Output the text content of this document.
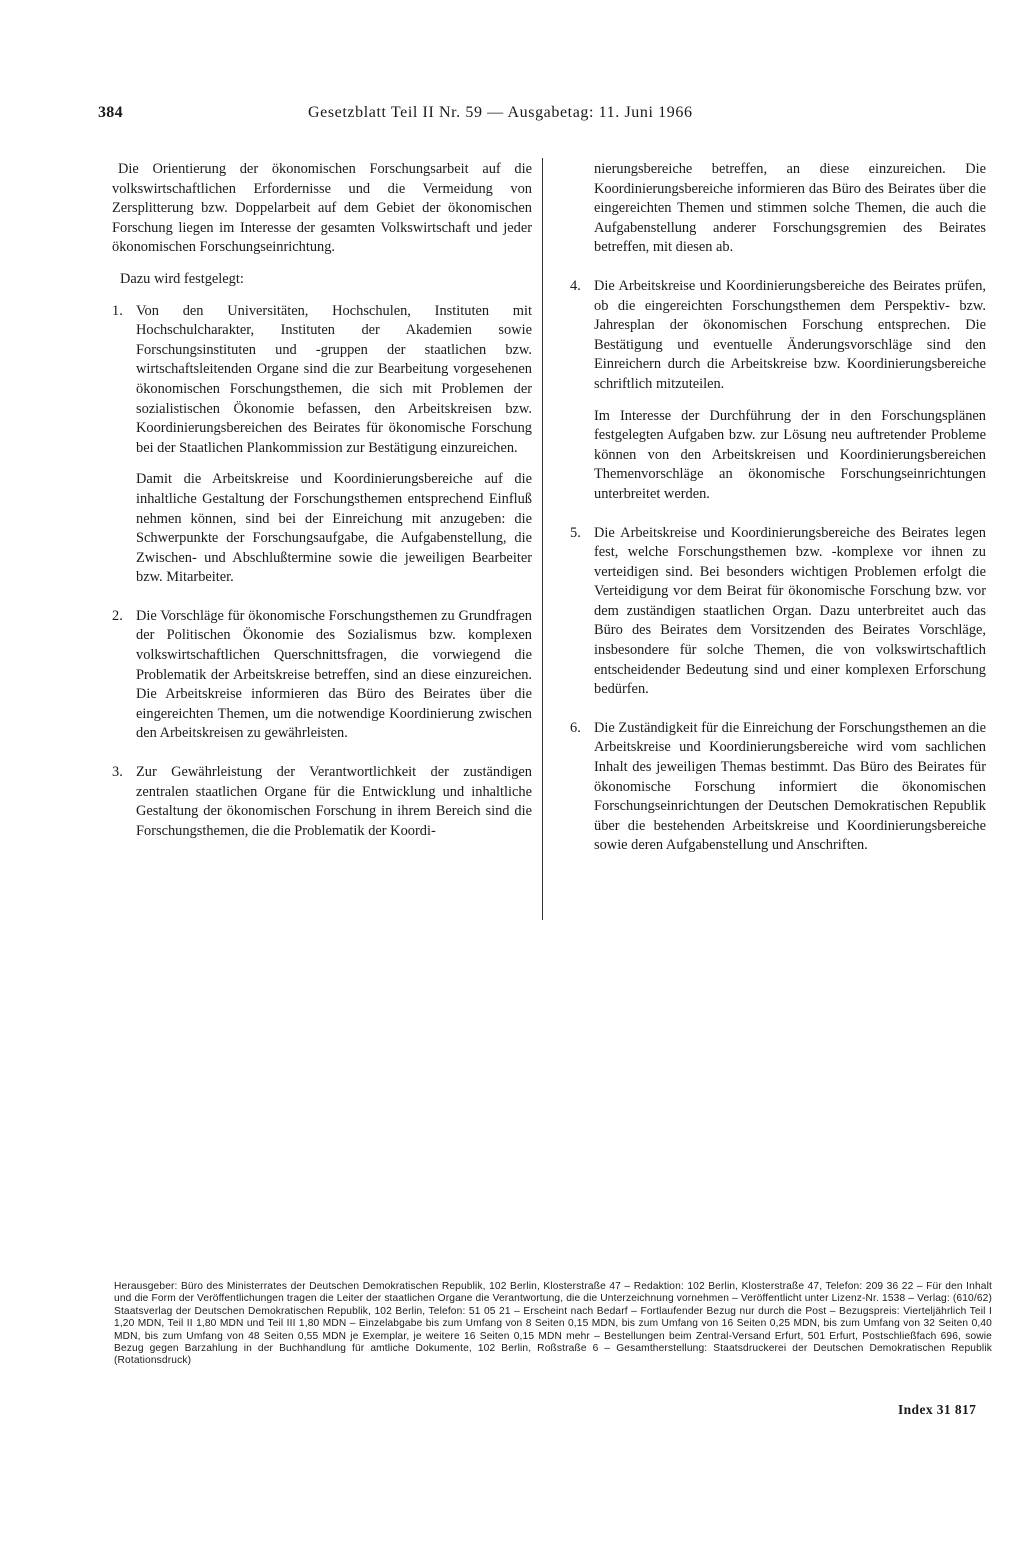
384	Gesetzblatt Teil II Nr. 59 — Ausgabetag: 11. Juni 1966

Die Orientierung der ökonomischen Forschungsarbeit auf die volkswirtschaftlichen Erfordernisse und die Vermeidung von Zersplitterung bzw. Doppelarbeit auf dem Gebiet der ökonomischen Forschung liegen im Interesse der gesamten Volkswirtschaft und jeder ökonomischen Forschungseinrichtung.

Dazu wird festgelegt:

1. Von den Universitäten, Hochschulen, Instituten mit Hochschulcharakter, Instituten der Akademien sowie Forschungsinstituten und -gruppen der staatlichen bzw. wirtschaftsleitenden Organe sind die zur Bearbeitung vorgesehenen ökonomischen Forschungsthemen, die sich mit Problemen der sozialistischen Ökonomie befassen, den Arbeitskreisen bzw. Koordinierungsbereichen des Beirates für ökonomische Forschung bei der Staatlichen Plankommission zur Bestätigung einzureichen.

Damit die Arbeitskreise und Koordinierungsbereiche auf die inhaltliche Gestaltung der Forschungsthemen entsprechend Einfluß nehmen können, sind bei der Einreichung mit anzugeben: die Schwerpunkte der Forschungsaufgabe, die Aufgabenstellung, die Zwischen- und Abschlußtermine sowie die jeweiligen Bearbeiter bzw. Mitarbeiter.

2. Die Vorschläge für ökonomische Forschungsthemen zu Grundfragen der Politischen Ökonomie des Sozialismus bzw. komplexen volkswirtschaftlichen Querschnittsfragen, die vorwiegend die Problematik der Arbeitskreise betreffen, sind an diese einzureichen. Die Arbeitskreise informieren das Büro des Beirates über die eingereichten Themen, um die notwendige Koordinierung zwischen den Arbeitskreisen zu gewährleisten.

3. Zur Gewährleistung der Verantwortlichkeit der zuständigen zentralen staatlichen Organe für die Entwicklung und inhaltliche Gestaltung der ökonomischen Forschung in ihrem Bereich sind die Forschungsthemen, die die Problematik der Koordi-

nierungsbereiche betreffen, an diese einzureichen. Die Koordinierungsbereiche informieren das Büro des Beirates über die eingereichten Themen und stimmen solche Themen, die auch die Aufgabenstellung anderer Forschungsgremien des Beirates betreffen, mit diesen ab.

4. Die Arbeitskreise und Koordinierungsbereiche des Beirates prüfen, ob die eingereichten Forschungsthemen dem Perspektiv- bzw. Jahresplan der ökonomischen Forschung entsprechen. Die Bestätigung und eventuelle Änderungsvorschläge sind den Einreichern durch die Arbeitskreise bzw. Koordinierungsbereiche schriftlich mitzuteilen.

Im Interesse der Durchführung der in den Forschungsplänen festgelegten Aufgaben bzw. zur Lösung neu auftretender Probleme können von den Arbeitskreisen und Koordinierungsbereichen Themenvorschläge an ökonomische Forschungseinrichtungen unterbreitet werden.

5. Die Arbeitskreise und Koordinierungsbereiche des Beirates legen fest, welche Forschungsthemen bzw. -komplexe vor ihnen zu verteidigen sind. Bei besonders wichtigen Problemen erfolgt die Verteidigung vor dem Beirat für ökonomische Forschung bzw. vor dem zuständigen staatlichen Organ. Dazu unterbreitet auch das Büro des Beirates dem Vorsitzenden des Beirates Vorschläge, insbesondere für solche Themen, die von volkswirtschaftlich entscheidender Bedeutung sind und einer komplexen Erforschung bedürfen.

6. Die Zuständigkeit für die Einreichung der Forschungsthemen an die Arbeitskreise und Koordinierungsbereiche wird vom sachlichen Inhalt des jeweiligen Themas bestimmt. Das Büro des Beirates für ökonomische Forschung informiert die ökonomischen Forschungseinrichtungen der Deutschen Demokratischen Republik über die bestehenden Arbeitskreise und Koordinierungsbereiche sowie deren Aufgabenstellung und Anschriften.

Herausgeber: Büro des Ministerrates der Deutschen Demokratischen Republik, 102 Berlin, Klosterstraße 47 – Redaktion: 102 Berlin, Klosterstraße 47, Telefon: 209 36 22 – Für den Inhalt und die Form der Veröffentlichungen tragen die Leiter der staatlichen Organe die Verantwortung, die die Unterzeichnung vornehmen – Veröffentlicht unter Lizenz-Nr. 1538 – Verlag: (610/62) Staatsverlag der Deutschen Demokratischen Republik, 102 Berlin, Telefon: 51 05 21 – Erscheint nach Bedarf – Fortlaufender Bezug nur durch die Post – Bezugspreis: Vierteljährlich Teil I 1,20 MDN, Teil II 1,80 MDN und Teil III 1,80 MDN – Einzelabgabe bis zum Umfang von 8 Seiten 0,15 MDN, bis zum Umfang von 16 Seiten 0,25 MDN, bis zum Umfang von 32 Seiten 0,40 MDN, bis zum Umfang von 48 Seiten 0,55 MDN je Exemplar, je weitere 16 Seiten 0,15 MDN mehr – Bestellungen beim Zentral-Versand Erfurt, 501 Erfurt, Postschließfach 696, sowie Bezug gegen Barzahlung in der Buchhandlung für amtliche Dokumente, 102 Berlin, Roßstraße 6 – Gesamtherstellung: Staatsdruckerei der Deutschen Demokratischen Republik (Rotationsdruck)

Index 31 817
